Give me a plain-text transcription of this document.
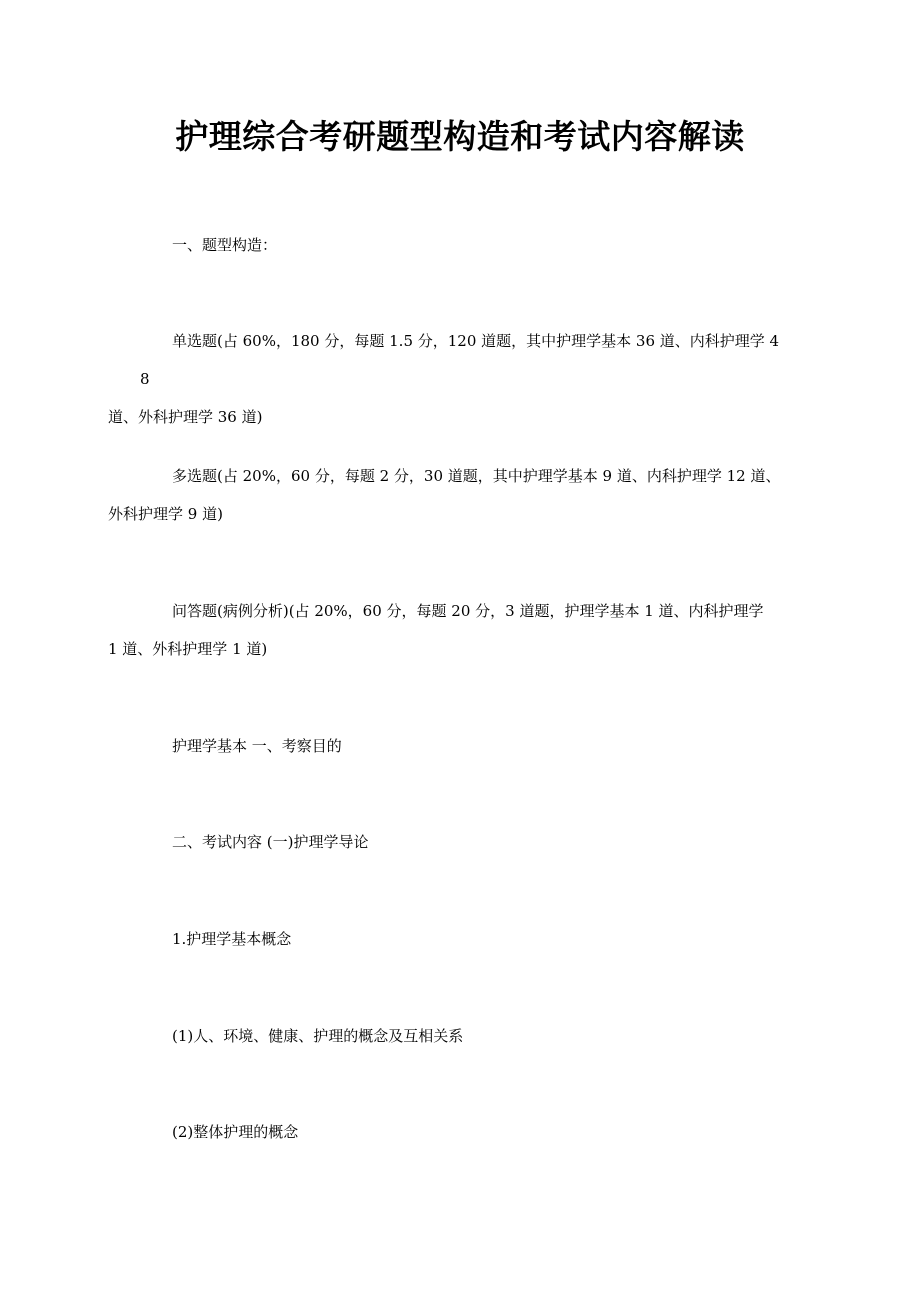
护理综合考研题型构造和考试内容解读

一、题型构造：

单选题(占 60%，180 分，每题 1.5 分，120 道题，其中护理学基本 36 道、内科护理学 48
道、外科护理学 36 道)

多选题(占 20%，60 分，每题 2 分，30 道题，其中护理学基本 9 道、内科护理学 12 道、
外科护理学 9 道)

问答题(病例分析)(占 20%，60 分，每题 20 分，3 道题，护理学基本 1 道、内科护理学
1 道、外科护理学 1 道)

护理学基本 一、考察目的

二、考试内容 (一)护理学导论

1.护理学基本概念

(1)人、环境、健康、护理的概念及互相关系

(2)整体护理的概念
